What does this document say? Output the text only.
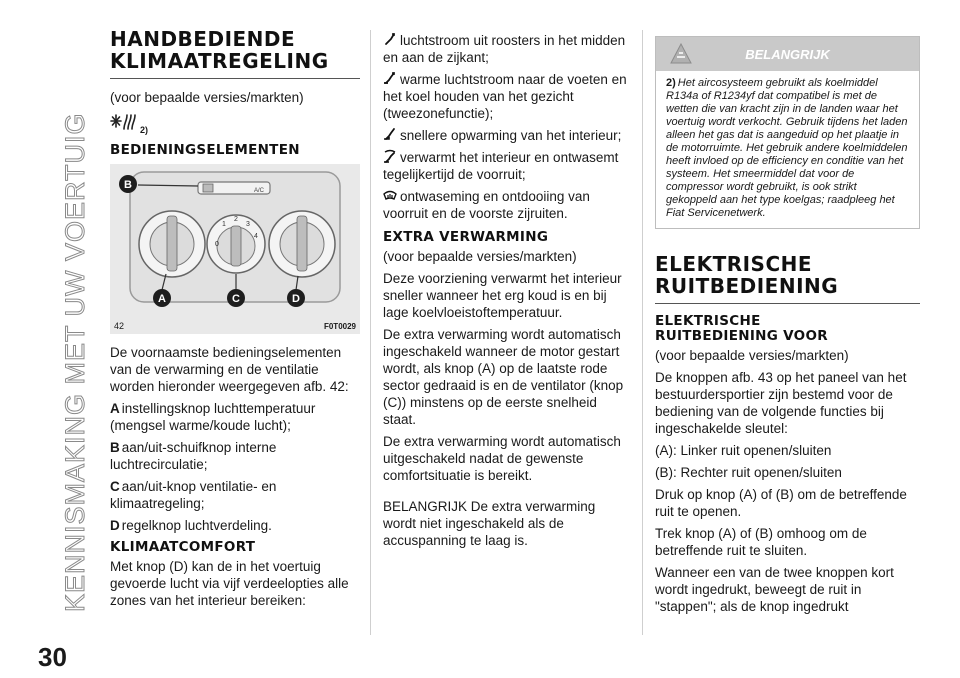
KENNISMAKING MET UW VOERTUIG
30
HANDBEDIENDE
KLIMAATREGELING

(voor bepaalde versies/markten)

2)
BEDIENINGSELEMENTEN
A/C
0
1
2
3
4
B
A	C	D
42	F0T0029

De voornaamste bedieningselementen van de verwarming en de ventilatie worden hieronder weergegeven afb. 42:

A instellingsknop luchttemperatuur (mengsel warme/koude lucht);

B aan/uit-schuifknop interne luchtrecirculatie;

C aan/uit-knop ventilatie- en klimaatregeling;

D regelknop luchtverdeling.

KLIMAATCOMFORT

Met knop (D) kan de in het voertuig gevoerde lucht via vijf verdeelopties alle zones van het interieur bereiken:

luchtstroom uit roosters in het midden en aan de zijkant;

warme luchtstroom naar de voeten en het koel houden van het gezicht (tweezonefunctie);

snellere opwarming van het interieur;

verwarmt het interieur en ontwasemt tegelijkertijd de voorruit;

ontwaseming en ontdooiing van voorruit en de voorste zijruiten.

EXTRA VERWARMING

(voor bepaalde versies/markten)

Deze voorziening verwarmt het interieur sneller wanneer het erg koud is en bij lage koelvloeistoftemperatuur.

De extra verwarming wordt automatisch ingeschakeld wanneer de motor gestart wordt, als knop (A) op de laatste rode sector gedraaid is en de ventilator (knop (C)) minstens op de eerste snelheid staat.

De extra verwarming wordt automatisch uitgeschakeld nadat de gewenste comfortsituatie is bereikt.

BELANGRIJK De extra verwarming wordt niet ingeschakeld als de accuspanning te laag is.

BELANGRIJK
2) Het aircosysteem gebruikt als koelmiddel R134a of R1234yf dat compatibel is met de wetten die van kracht zijn in de landen waar het voertuig wordt verkocht. Gebruik tijdens het laden alleen het gas dat is aangeduid op het plaatje in de motorruimte. Het gebruik andere koelmiddelen heeft invloed op de efficiency en conditie van het systeem. Het smeermiddel dat voor de compressor wordt gebruikt, is ook strikt gekoppeld aan het type koelgas; raadpleeg het Fiat Servicenetwerk.
ELEKTRISCHE
RUITBEDIENING
ELEKTRISCHE
RUITBEDIENING VOOR

(voor bepaalde versies/markten)

De knoppen afb. 43 op het paneel van het bestuurdersportier zijn bestemd voor de bediening van de volgende functies bij ingeschakelde sleutel:

(A): Linker ruit openen/sluiten

(B): Rechter ruit openen/sluiten

Druk op knop (A) of (B) om de betreffende ruit te openen.

Trek knop (A) of (B) omhoog om de betreffende ruit te sluiten.

Wanneer een van de twee knoppen kort wordt ingedrukt, beweegt de ruit in "stappen"; als de knop ingedrukt
